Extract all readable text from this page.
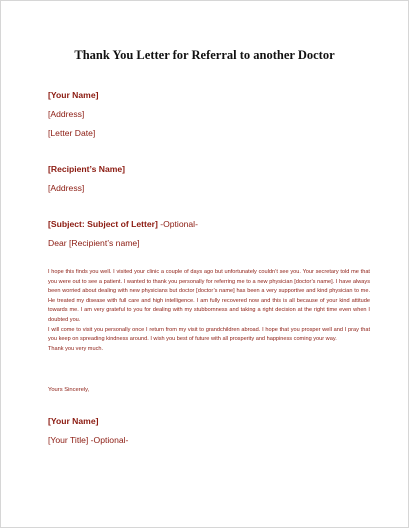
Thank You Letter for Referral to another Doctor
[Your Name]
[Address]
[Letter Date]
[Recipient’s Name]
[Address]
[Subject: Subject of Letter] -Optional-
Dear [Recipient’s name]

I hope this finds you well. I visited your clinic a couple of days ago but unfortunately couldn’t see you. Your secretary told me that you were out to see a patient. I wanted to thank you personally for referring me to a new physician [doctor’s name]. I have always been worried about dealing with new physicians but doctor [doctor’s name] has been a very supportive and kind physician to me. He treated my disease with full care and high intelligence. I am fully recovered now and this is all because of your kind attitude towards me. I am very grateful to you for dealing with my stubbornness and taking a right decision at the right time even when I doubted you.

I will come to visit you personally once I return from my visit to grandchildren abroad. I hope that you prosper well and I pray that you keep on spreading kindness around. I wish you best of future with all prosperity and happiness coming your way.

Thank you very much.

Yours Sincerely,
[Your Name]
[Your Title] -Optional-
